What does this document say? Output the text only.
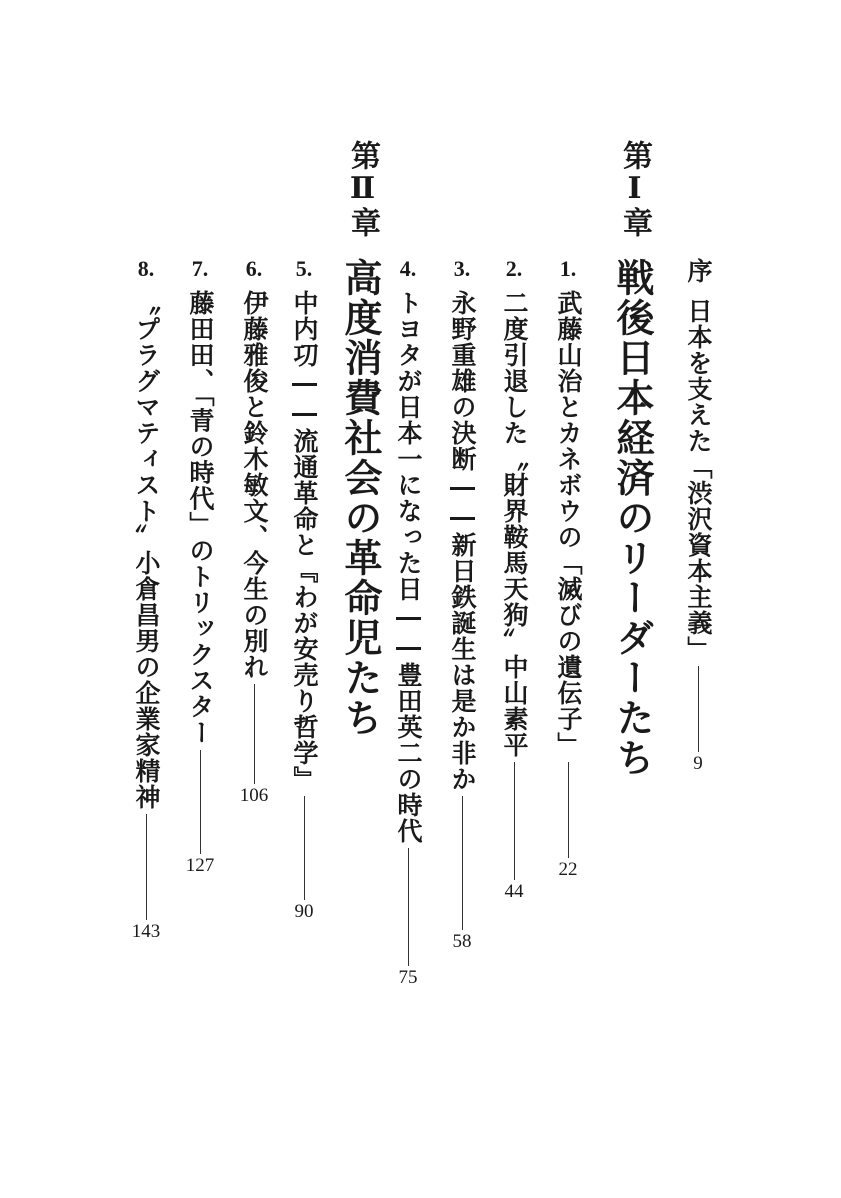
序
日本を支えた「渋沢資本主義」
9
第Ⅰ章
戦後日本経済のリーダーたち
1.
武藤山治とカネボウの「滅びの遺伝子」
22
2.
二度引退した〝財界鞍馬天狗〟中山素平
44
3.
永野重雄の決断――新日鉄誕生は是か非か
58
4.
トヨタが日本一になった日――豊田英二の時代
75
第Ⅱ章
高度消費社会の革命児たち
5.
中内㓛――流通革命と『わが安売り哲学』
90
6.
伊藤雅俊と鈴木敏文、今生の別れ
106
7.
藤田田、「青の時代」のトリックスター
127
8.
〝プラグマティスト〟小倉昌男の企業家精神
143
